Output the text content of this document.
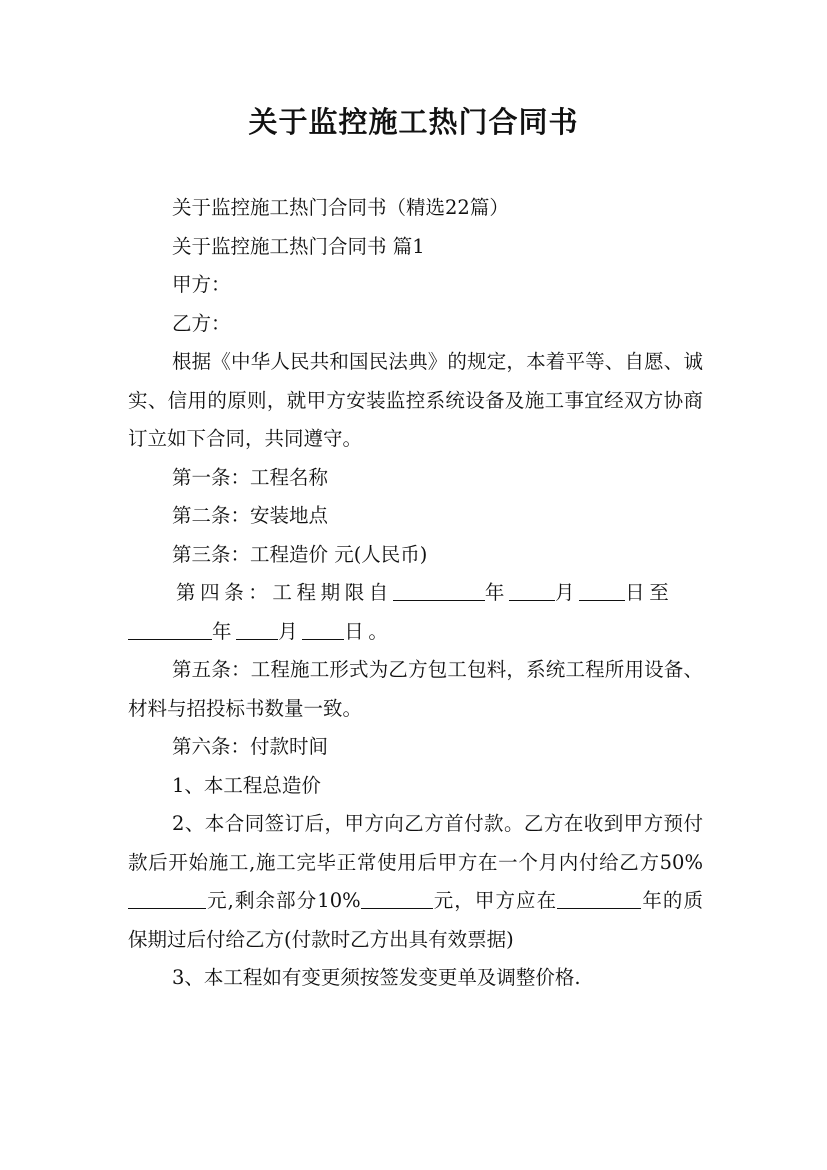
关于监控施工热门合同书

关于监控施工热门合同书（精选22篇）

关于监控施工热门合同书 篇1

甲方：

乙方：

根据《中华人民共和国民法典》的规定，本着平等、自愿、诚实、信用的原则，就甲方安装监控系统设备及施工事宜经双方协商订立如下合同，共同遵守。

第一条：工程名称

第二条：安装地点

第三条：工程造价 元(人民币)

第四条：工程期限自	年 月 日至
年 月 日。

第五条：工程施工形式为乙方包工包料，系统工程所用设备、材料与招投标书数量一致。

第六条：付款时间

1、本工程总造价

2、本合同签订后，甲方向乙方首付款。乙方在收到甲方预付款后开始施工,施工完毕正常使用后甲方在一个月内付给乙方50%元,剩余部分10%	元，甲方应在	年的质保期过后付给乙方(付款时乙方出具有效票据)

3、本工程如有变更须按签发变更单及调整价格.
